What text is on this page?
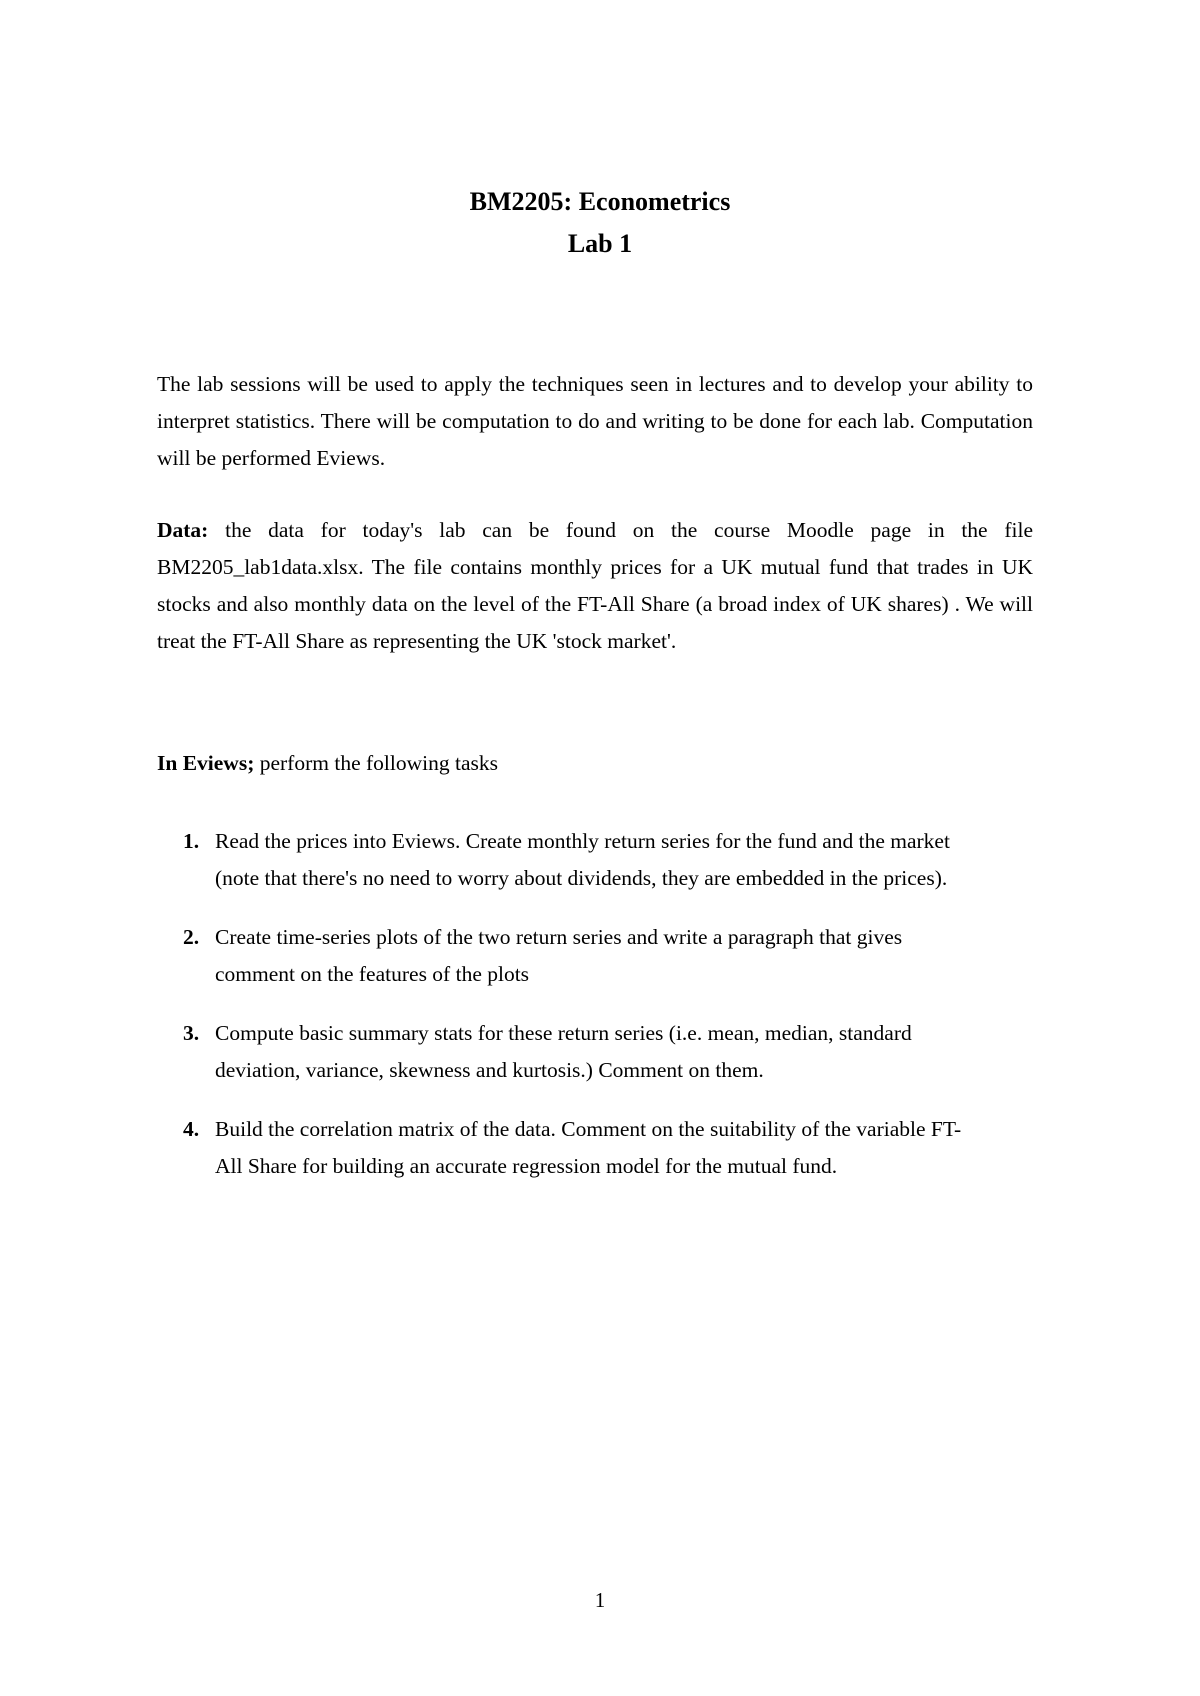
BM2205: Econometrics

Lab 1

The lab sessions will be used to apply the techniques seen in lectures and to develop your ability to interpret statistics. There will be computation to do and writing to be done for each lab. Computation will be performed Eviews.

Data: the data for today's lab can be found on the course Moodle page in the file BM2205_lab1data.xlsx. The file contains monthly prices for a UK mutual fund that trades in UK stocks and also monthly data on the level of the FT-All Share (a broad index of UK shares) . We will treat the FT-All Share as representing the UK 'stock market'.

In Eviews; perform the following tasks

1. Read the prices into Eviews. Create monthly return series for the fund and the market (note that there's no need to worry about dividends, they are embedded in the prices).
2. Create time-series plots of the two return series and write a paragraph that gives comment on the features of the plots
3. Compute basic summary stats for these return series (i.e. mean, median, standard deviation, variance, skewness and kurtosis.) Comment on them.
4. Build the correlation matrix of the data. Comment on the suitability of the variable FT-All Share for building an accurate regression model for the mutual fund.
1
